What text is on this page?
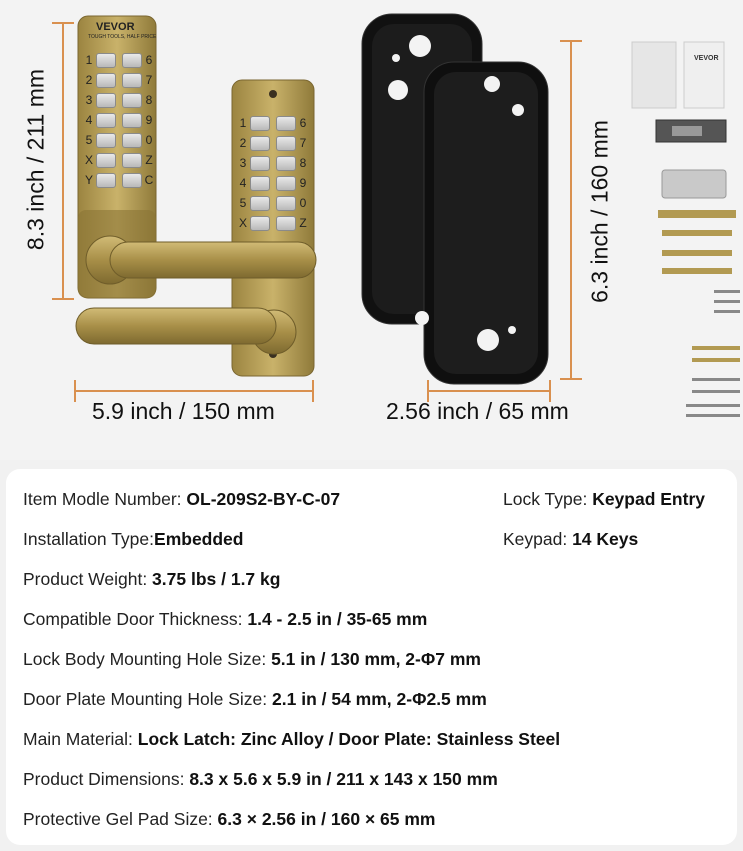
8.3 inch / 211 mm
5.9 inch / 150 mm
VEVOR
TOUGH TOOLS, HALF PRICE
1	6
2	7
3	8
4	9
5	0
X	Z
Y	C
1	6
2	7
3	8
4	9
5	0
X	Z	6.3 inch / 160 mm
2.56 inch / 65 mm
VEVOR
Item Modle Number: OL-209S2-BY-C-07	Lock Type: Keypad Entry
Installation Type:Embedded	Keypad: 14 Keys
Product Weight: 3.75 lbs / 1.7 kg
Compatible Door Thickness: 1.4 - 2.5 in / 35-65 mm
Lock Body Mounting Hole Size: 5.1 in / 130 mm, 2-Φ7 mm
Door Plate Mounting Hole Size: 2.1 in / 54 mm, 2-Φ2.5 mm
Main Material: Lock Latch: Zinc Alloy / Door Plate: Stainless Steel
Product Dimensions: 8.3 x 5.6 x 5.9 in / 211 x 143 x 150 mm
Protective Gel Pad Size: 6.3 × 2.56 in / 160 × 65 mm
